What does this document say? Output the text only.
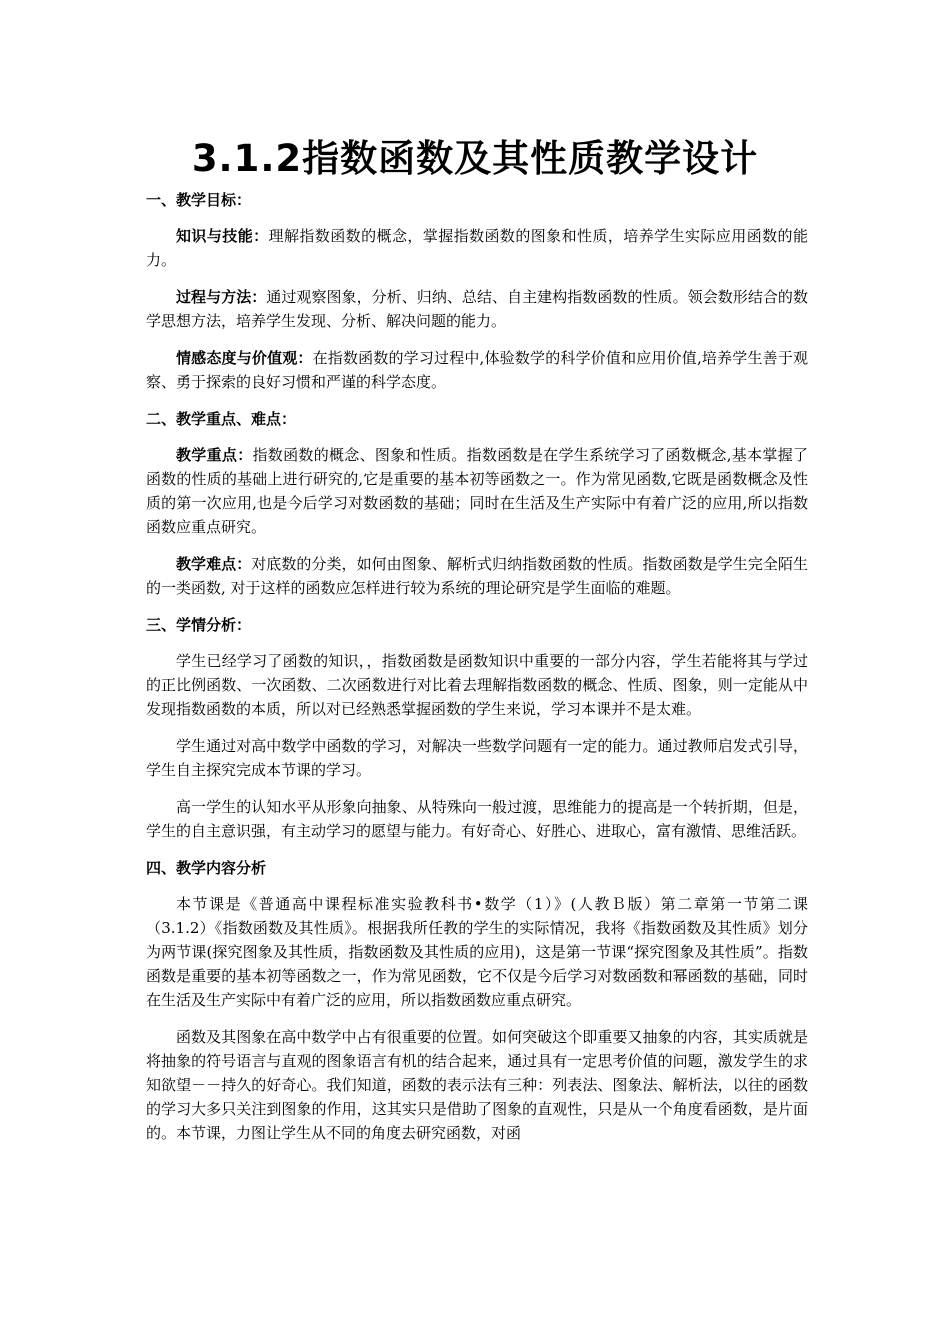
3.1.2指数函数及其性质教学设计
一、教学目标：
知识与技能：理解指数函数的概念，掌握指数函数的图象和性质，培养学生实际应用函数的能力。
过程与方法：通过观察图象，分析、归纳、总结、自主建构指数函数的性质。领会数形结合的数学思想方法，培养学生发现、分析、解决问题的能力。
情感态度与价值观：在指数函数的学习过程中,体验数学的科学价值和应用价值,培养学生善于观察、勇于探索的良好习惯和严谨的科学态度。
二、教学重点、难点：
教学重点：指数函数的概念、图象和性质。指数函数是在学生系统学习了函数概念,基本掌握了函数的性质的基础上进行研究的,它是重要的基本初等函数之一。作为常见函数,它既是函数概念及性质的第一次应用,也是今后学习对数函数的基础；同时在生活及生产实际中有着广泛的应用,所以指数函数应重点研究。
教学难点：对底数的分类，如何由图象、解析式归纳指数函数的性质。指数函数是学生完全陌生的一类函数, 对于这样的函数应怎样进行较为系统的理论研究是学生面临的难题。
三、学情分析：
学生已经学习了函数的知识，，指数函数是函数知识中重要的一部分内容，学生若能将其与学过的正比例函数、一次函数、二次函数进行对比着去理解指数函数的概念、性质、图象，则一定能从中发现指数函数的本质，所以对已经熟悉掌握函数的学生来说，学习本课并不是太难。
学生通过对高中数学中函数的学习，对解决一些数学问题有一定的能力。通过教师启发式引导，学生自主探究完成本节课的学习。
高一学生的认知水平从形象向抽象、从特殊向一般过渡，思维能力的提高是一个转折期，但是，学生的自主意识强，有主动学习的愿望与能力。有好奇心、好胜心、进取心，富有激情、思维活跃。
四、教学内容分析
本节课是《普通高中课程标准实验教科书•数学（1）》(人教Ｂ版）第二章第一节第二课（3.1.2）《指数函数及其性质》。根据我所任教的学生的实际情况，我将《指数函数及其性质》划分为两节课(探究图象及其性质，指数函数及其性质的应用)，这是第一节课“探究图象及其性质”。指数函数是重要的基本初等函数之一，作为常见函数，它不仅是今后学习对数函数和幂函数的基础，同时在生活及生产实际中有着广泛的应用，所以指数函数应重点研究。
函数及其图象在高中数学中占有很重要的位置。如何突破这个即重要又抽象的内容，其实质就是将抽象的符号语言与直观的图象语言有机的结合起来，通过具有一定思考价值的问题，激发学生的求知欲望－－持久的好奇心。我们知道，函数的表示法有三种：列表法、图象法、解析法，以往的函数的学习大多只关注到图象的作用，这其实只是借助了图象的直观性，只是从一个角度看函数，是片面的。本节课，力图让学生从不同的角度去研究函数，对函
